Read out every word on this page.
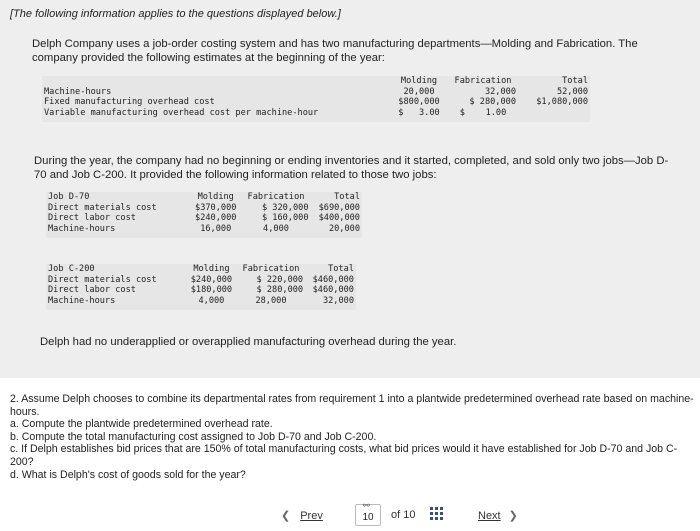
[The following information applies to the questions displayed below.]
Delph Company uses a job-order costing system and has two manufacturing departments—Molding and Fabrication. The company provided the following estimates at the beginning of the year:
	Molding	Fabrication	Total
Machine-hours	20,000	32,000	52,000
Fixed manufacturing overhead cost	$800,000	$ 280,000	$1,080,000
Variable manufacturing overhead cost per machine-hour	$   3.00	$    1.00	
During the year, the company had no beginning or ending inventories and it started, completed, and sold only two jobs—Job D-70 and Job C-200. It provided the following information related to those two jobs:
Job D-70	Molding	Fabrication	Total
Direct materials cost	$370,000	$ 320,000	$690,000
Direct labor cost	$240,000	$ 160,000	$400,000
Machine-hours	16,000	4,000	20,000
Job C-200	Molding	Fabrication	Total
Direct materials cost	$240,000	$ 220,000	$460,000
Direct labor cost	$180,000	$ 280,000	$460,000
Machine-hours	4,000	28,000	32,000
Delph had no underapplied or overapplied manufacturing overhead during the year.
2. Assume Delph chooses to combine its departmental rates from requirement 1 into a plantwide predetermined overhead rate based on machine-hours.
a. Compute the plantwide predetermined overhead rate.
b. Compute the total manufacturing cost assigned to Job D-70 and Job C-200.
c. If Delph establishes bid prices that are 150% of total manufacturing costs, what bid prices would it have established for Job D-70 and Job C-200?
d. What is Delph's cost of goods sold for the year?
❮ Prev
⚯
10	of 10	Next ❯
